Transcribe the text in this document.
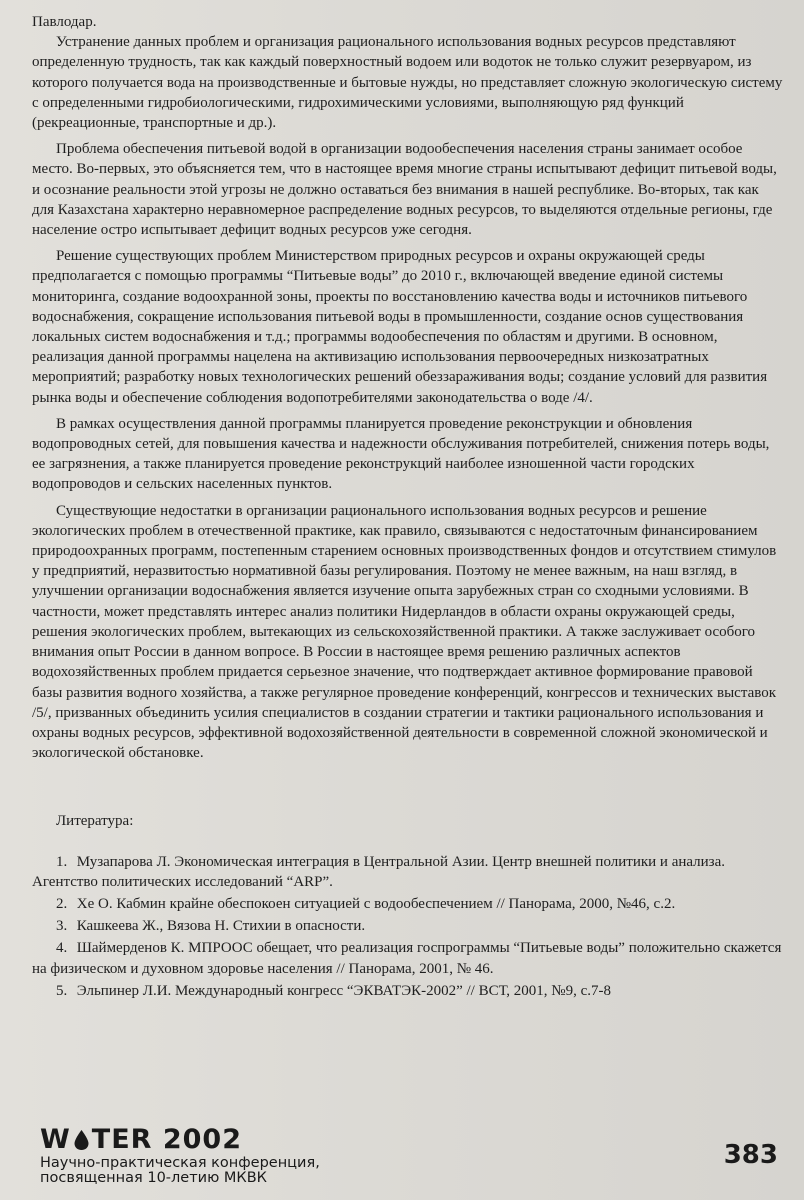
Павлодар.

Устранение данных проблем и организация рационального использования водных ресурсов представляют определенную трудность, так как каждый поверхностный водоем или водоток не только служит резервуаром, из которого получается вода на производственные и бытовые нужды, но представляет сложную экологическую систему с определенными гидробиологическими, гидрохимическими условиями, выполняющую ряд функций (рекреационные, транспортные и др.).

Проблема обеспечения питьевой водой в организации водообеспечения населения страны занимает особое место. Во-первых, это объясняется тем, что в настоящее время многие страны испытывают дефицит питьевой воды, и осознание реальности этой угрозы не должно оставаться без внимания в нашей республике. Во-вторых, так как для Казахстана характерно неравномерное распределение водных ресурсов, то выделяются отдельные регионы, где население остро испытывает дефицит водных ресурсов уже сегодня.

Решение существующих проблем Министерством природных ресурсов и охраны окружающей среды предполагается с помощью программы “Питьевые воды” до 2010 г., включающей введение единой системы мониторинга, создание водоохранной зоны, проекты по восстановлению качества воды и источников питьевого водоснабжения, сокращение использования питьевой воды в промышленности, создание основ существования локальных систем водоснабжения и т.д.; программы водообеспечения по областям и другими. В основном, реализация данной программы нацелена на активизацию использования первоочередных низкозатратных мероприятий; разработку новых технологических решений обеззараживания воды; создание условий для развития рынка воды и обеспечение соблюдения водопотребителями законодательства о воде /4/.

В рамках осуществления данной программы планируется проведение реконструкции и обновления водопроводных сетей, для повышения качества и надежности обслуживания потребителей, снижения потерь воды, ее загрязнения, а также планируется проведение реконструкций наиболее изношенной части городских водопроводов и сельских населенных пунктов.

Существующие недостатки в организации рационального использования водных ресурсов и решение экологических проблем в отечественной практике, как правило, связываются с недостаточным финансированием природоохранных программ, постепенным старением основных производственных фондов и отсутствием стимулов у предприятий, неразвитостью нормативной базы регулирования. Поэтому не менее важным, на наш взгляд, в улучшении организации водоснабжения является изучение опыта зарубежных стран со сходными условиями. В частности, может представлять интерес анализ политики Нидерландов в области охраны окружающей среды, решения экологических проблем, вытекающих из сельскохозяйственной практики. А также заслуживает особого внимания опыт России в данном вопросе. В России в настоящее время решению различных аспектов водохозяйственных проблем придается серьезное значение, что подтверждает активное формирование правовой базы развития водного хозяйства, а также регулярное проведение конференций, конгрессов и технических выставок /5/, призванных объединить усилия специалистов в создании стратегии и тактики рационального использования и охраны водных ресурсов, эффективной водохозяйственной деятельности в современной сложной экономической и экологической обстановке.

Литература:
1. Музапарова Л. Экономическая интеграция в Центральной Азии. Центр внешней политики и анализа. Агентство политических исследований “ARP”.
2. Хе О. Кабмин крайне обеспокоен ситуацией с водообеспечением // Панорама, 2000, №46, с.2.
3. Кашкеева Ж., Вязова Н. Стихии в опасности.
4. Шаймерденов К. МПРООС обещает, что реализация госпрограммы “Питьевые воды” положительно скажется на физическом и духовном здоровье населения // Панорама, 2001, № 46.
5. Эльпинер Л.И. Международный конгресс “ЭКВАТЭК-2002” // ВСТ, 2001, №9, с.7-8
W TER 2002
Научно-практическая конференция,
посвященная 10-летию МКВК
383
